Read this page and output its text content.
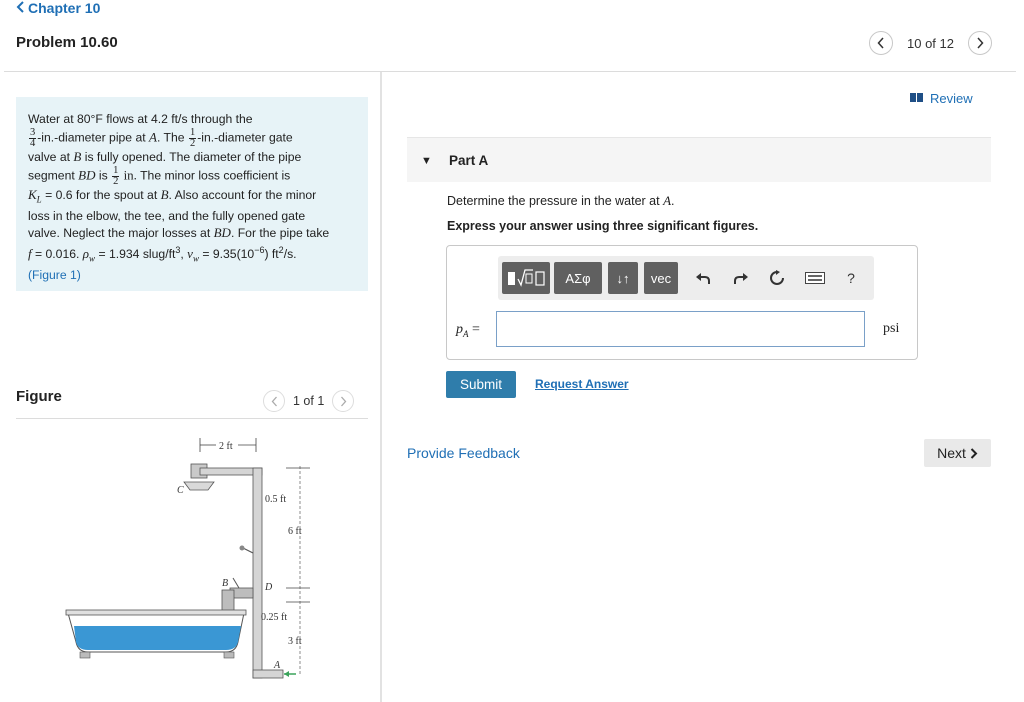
Chapter 10
Problem 10.60	10 of 12
Water at 80°F flows at 4.2 ft/s through the
$\frac{3}{4}$ -in.-diameter pipe at A. The $\frac{1}{2}$ -in.-diameter gate
valve at B is fully opened. The diameter of the pipe
segment BD is $\frac{1}{2}$ in. The minor loss coefficient is
$K_L = 0.6$ for the spout at B. Also account for the minor
loss in the elbow, the tee, and the fully opened gate
valve. Neglect the major losses at BD. For the pipe take
f = 0.016. $\rho_w = 1.934$ slug/$ft^3$, $\nu_w = 9.35(10^{-6})$ $ft^2/s$.
(Figure 1)
Figure	1 of 1
2 ft
C
0.5 ft
6 ft
0.25 ft
3 ft
B	D
A
Review
▼ Part A
Determine the pressure in the water at A.
Express your answer using three significant figures.
ΑΣφ ↓↑ vec	?
$p_A$ =	psi
Submit	Request Answer
Provide Feedback	Next
